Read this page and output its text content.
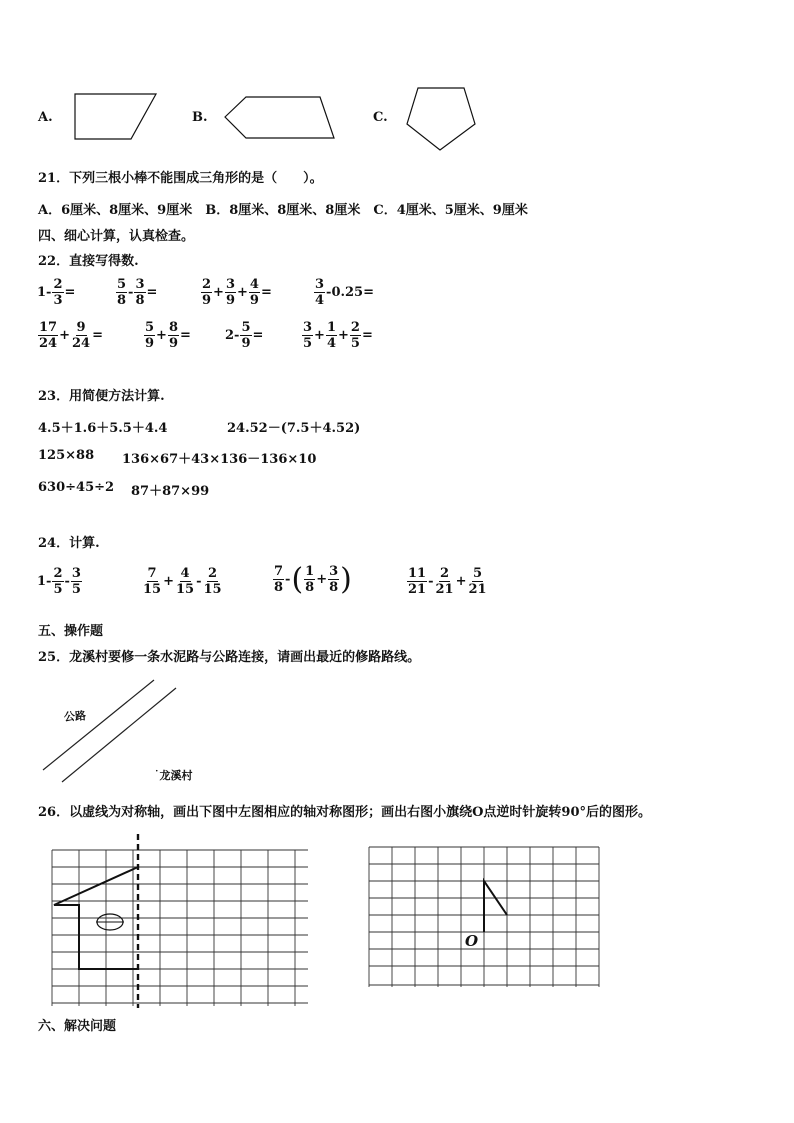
A.	B.	C.
21．下列三根小棒不能围成三角形的是（　　）。
A．6厘米、8厘米、9厘米　B．8厘米、8厘米、8厘米　C．4厘米、5厘米、9厘米
四、细心计算，认真检查。
22．直接写得数.
$1- \frac{2}{3}$ =	$\frac{5}{8} - \frac{3}{8}$ =	$\frac{2}{9} + \frac{3}{9} + \frac{4}{9}$ =	$\frac{3}{4} -0.25=$
$\frac{17}{24} + \frac{9}{24}$ =	$\frac{5}{9} + \frac{8}{9}$ =	$2- \frac{5}{9}$ =	$\frac{3}{5} + \frac{1}{4} + \frac{2}{5}$ =
23．用简便方法计算.
4.5＋1.6＋5.5＋4.4	24.52－(7.5＋4.52)
125×88 136×67＋43×136－136×10
630÷45÷2 87＋87×99
24．计算.
$1- \frac{2}{5} - \frac{3}{5}$	$\frac{7}{15} + \frac{4}{15} - \frac{2}{15}$	$\frac{7}{8}$ - ( $\frac{1}{8} + \frac{3}{8}$ )	$\frac{11}{21} - \frac{2}{21} + \frac{5}{21}$
五、操作题
25．龙溪村要修一条水泥路与公路连接，请画出最近的修路路线。
公路
˙龙溪村
26．以虚线为对称轴，画出下图中左图相应的轴对称图形；画出右图小旗绕O点逆时针旋转90°后的图形。
O
六、解决问题
